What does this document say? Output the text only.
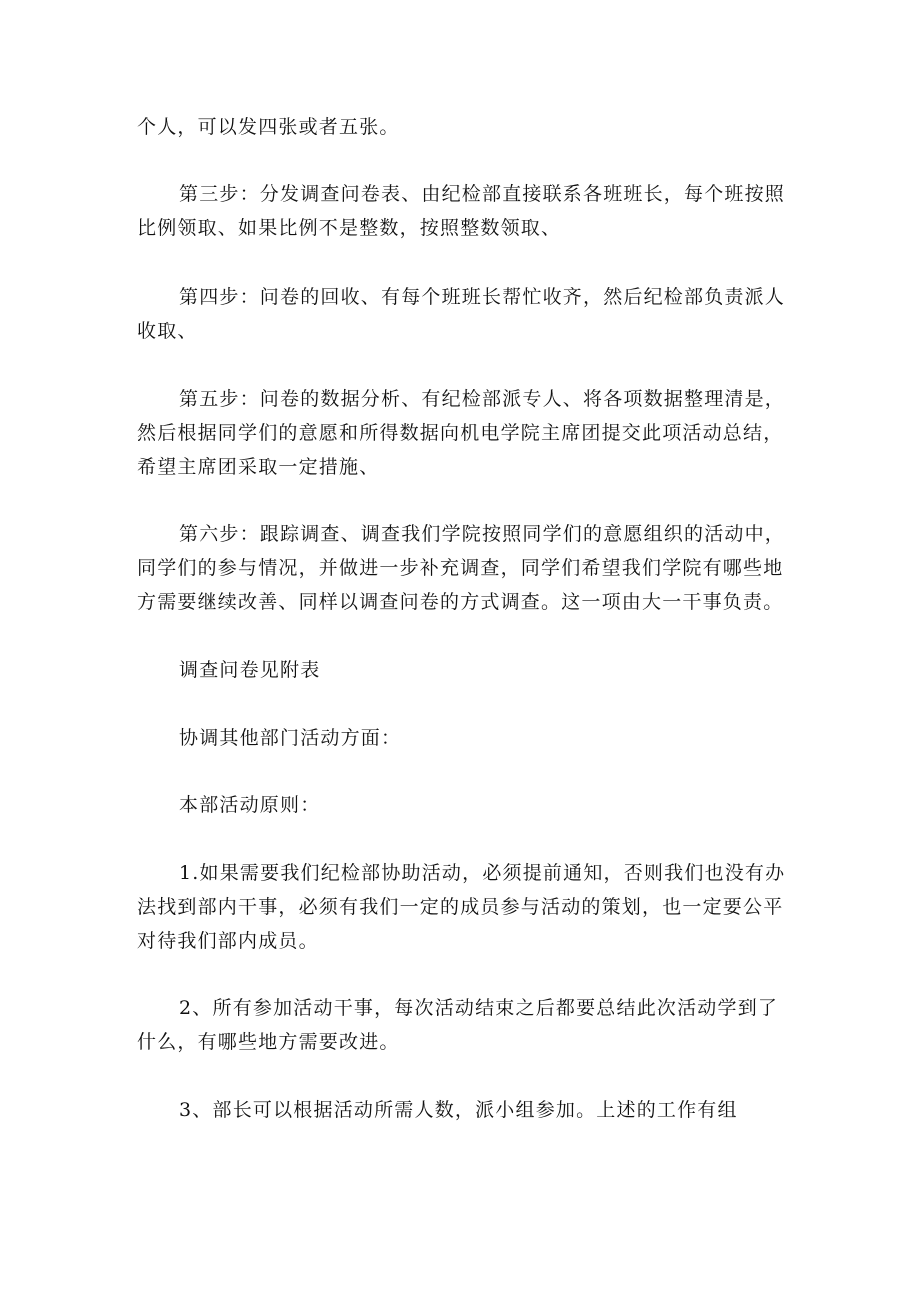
个人，可以发四张或者五张。

第三步：分发调查问卷表、由纪检部直接联系各班班长，每个班按照比例领取、如果比例不是整数，按照整数领取、

第四步：问卷的回收、有每个班班长帮忙收齐，然后纪检部负责派人收取、

第五步：问卷的数据分析、有纪检部派专人、将各项数据整理清是，然后根据同学们的意愿和所得数据向机电学院主席团提交此项活动总结，希望主席团采取一定措施、

第六步：跟踪调查、调查我们学院按照同学们的意愿组织的活动中，同学们的参与情况，并做进一步补充调查，同学们希望我们学院有哪些地方需要继续改善、同样以调查问卷的方式调查。这一项由大一干事负责。

调查问卷见附表

协调其他部门活动方面：

本部活动原则：

1.如果需要我们纪检部协助活动，必须提前通知，否则我们也没有办法找到部内干事，必须有我们一定的成员参与活动的策划，也一定要公平对待我们部内成员。

2、所有参加活动干事，每次活动结束之后都要总结此次活动学到了什么，有哪些地方需要改进。

3、部长可以根据活动所需人数，派小组参加。上述的工作有组
